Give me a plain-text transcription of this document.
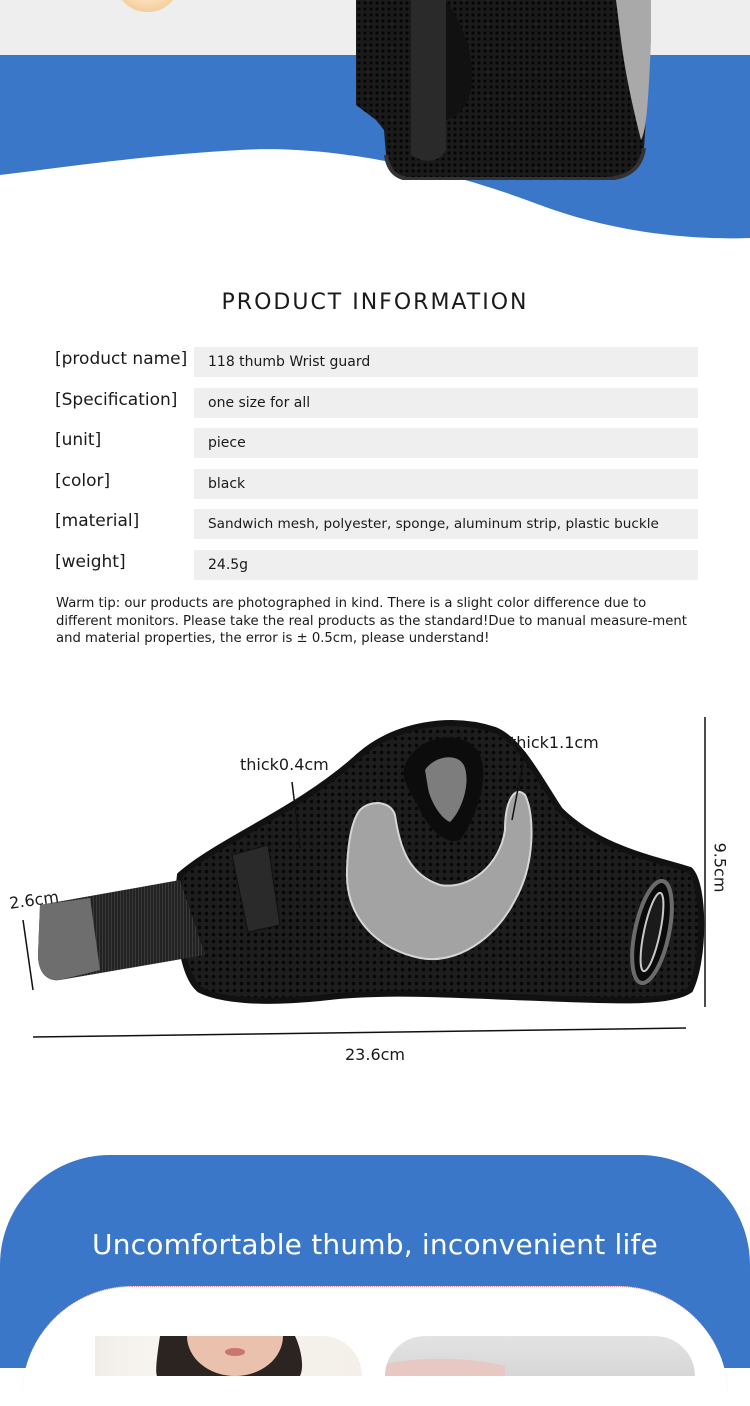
PRODUCT INFORMATION
[product name]	118 thumb Wrist guard
[Specification]	one size for all
[unit]	piece
[color]	black
[material]	Sandwich mesh, polyester, sponge, aluminum strip, plastic buckle
[weight]	24.5g

Warm tip: our products are photographed in kind. There is a slight color difference due to different monitors. Please take the real products as the standard!Due to manual measure-ment and material properties, the error is ± 0.5cm, please understand!

thick0.4cm
thick1.1cm
2.6cm
9.5cm
23.6cm
Uncomfortable thumb, inconvenient life
